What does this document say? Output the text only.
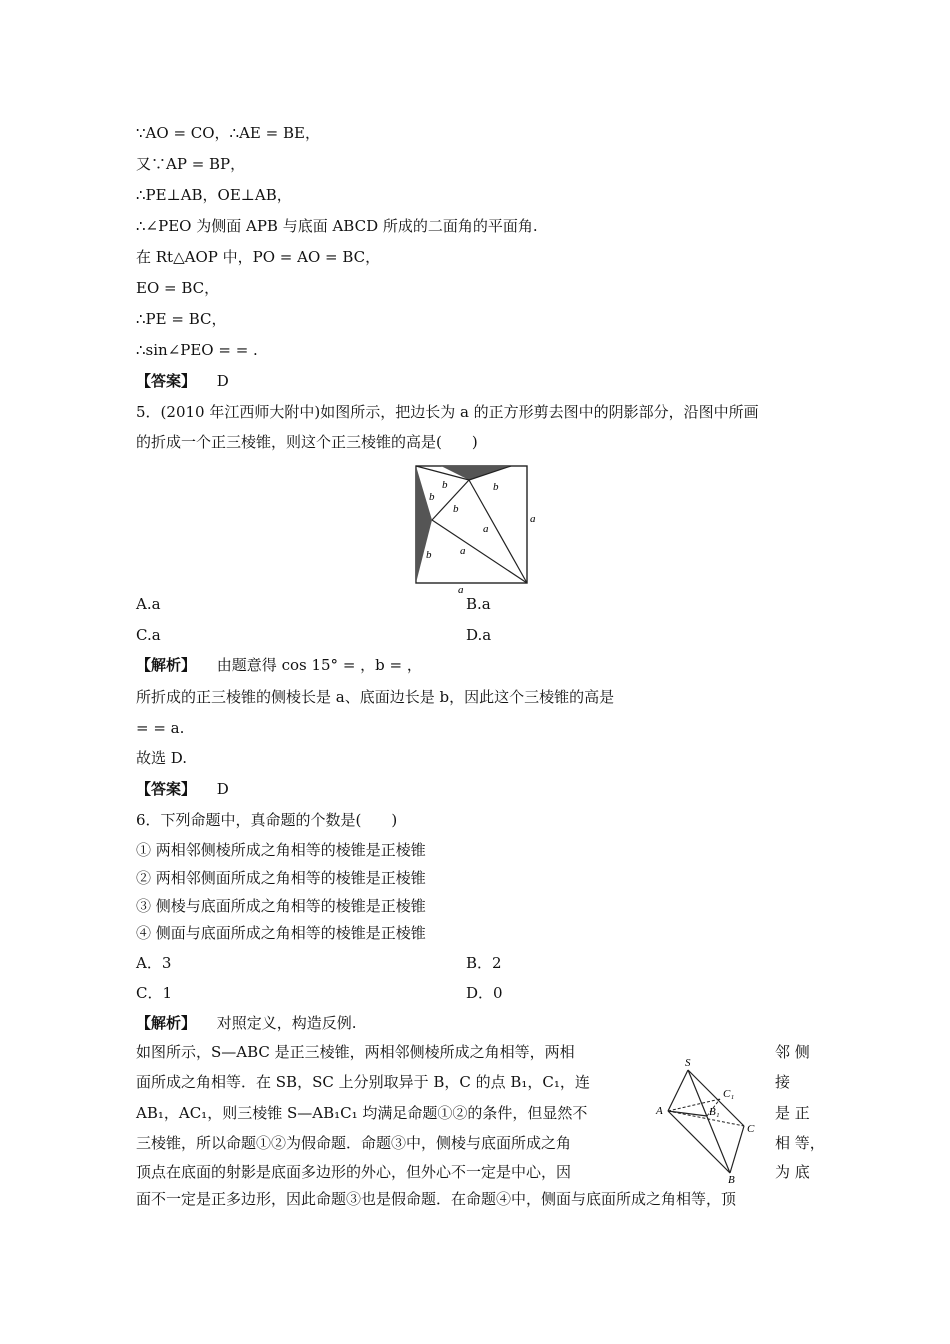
∵AO = CO，∴AE = BE，
又∵AP = BP，
∴PE⊥AB，OE⊥AB，
∴∠PEO 为侧面 APB 与底面 ABCD 所成的二面角的平面角.
在 Rt△AOP 中，PO = AO = BC，
EO = BC，
∴PE = BC，
∴sin∠PEO = = .
【答案】 D
5．(2010 年江西师大附中)如图所示，把边长为 a 的正方形剪去图中的阴影部分，沿图中所画
的折成一个正三棱锥，则这个正三棱锥的高是(　　)
b
b
b
b
b
a
a
a
a
A.a	B.a
C.a	D.a
【解析】 由题意得 cos 15° = ，b = ，
所折成的正三棱锥的侧棱长是 a、底面边长是 b，因此这个三棱锥的高是
= = a.
故选 D.
【答案】 D
6．下列命题中，真命题的个数是(　　)
① 两相邻侧棱所成之角相等的棱锥是正棱锥
② 两相邻侧面所成之角相等的棱锥是正棱锥
③ 侧棱与底面所成之角相等的棱锥是正棱锥
④ 侧面与底面所成之角相等的棱锥是正棱锥
A．3	B．2
C．1	D．0
【解析】 对照定义，构造反例.
如图所示，S—ABC 是正三棱锥，两相邻侧棱所成之角相等，两相
面所成之角相等．在 SB，SC 上分别取异于 B，C 的点 B₁，C₁，连
AB₁，AC₁，则三棱锥 S—AB₁C₁ 均满足命题①②的条件，但显然不
三棱锥，所以命题①②为假命题．命题③中，侧棱与底面所成之角
顶点在底面的射影是底面多边形的外心，但外心不一定是中心，因
面不一定是正多边形，因此命题③也是假命题．在命题④中，侧面与底面所成之角相等，顶
邻 侧
接
是 正
相 等，
为 底
S
A
B
C
B₁
C₁
